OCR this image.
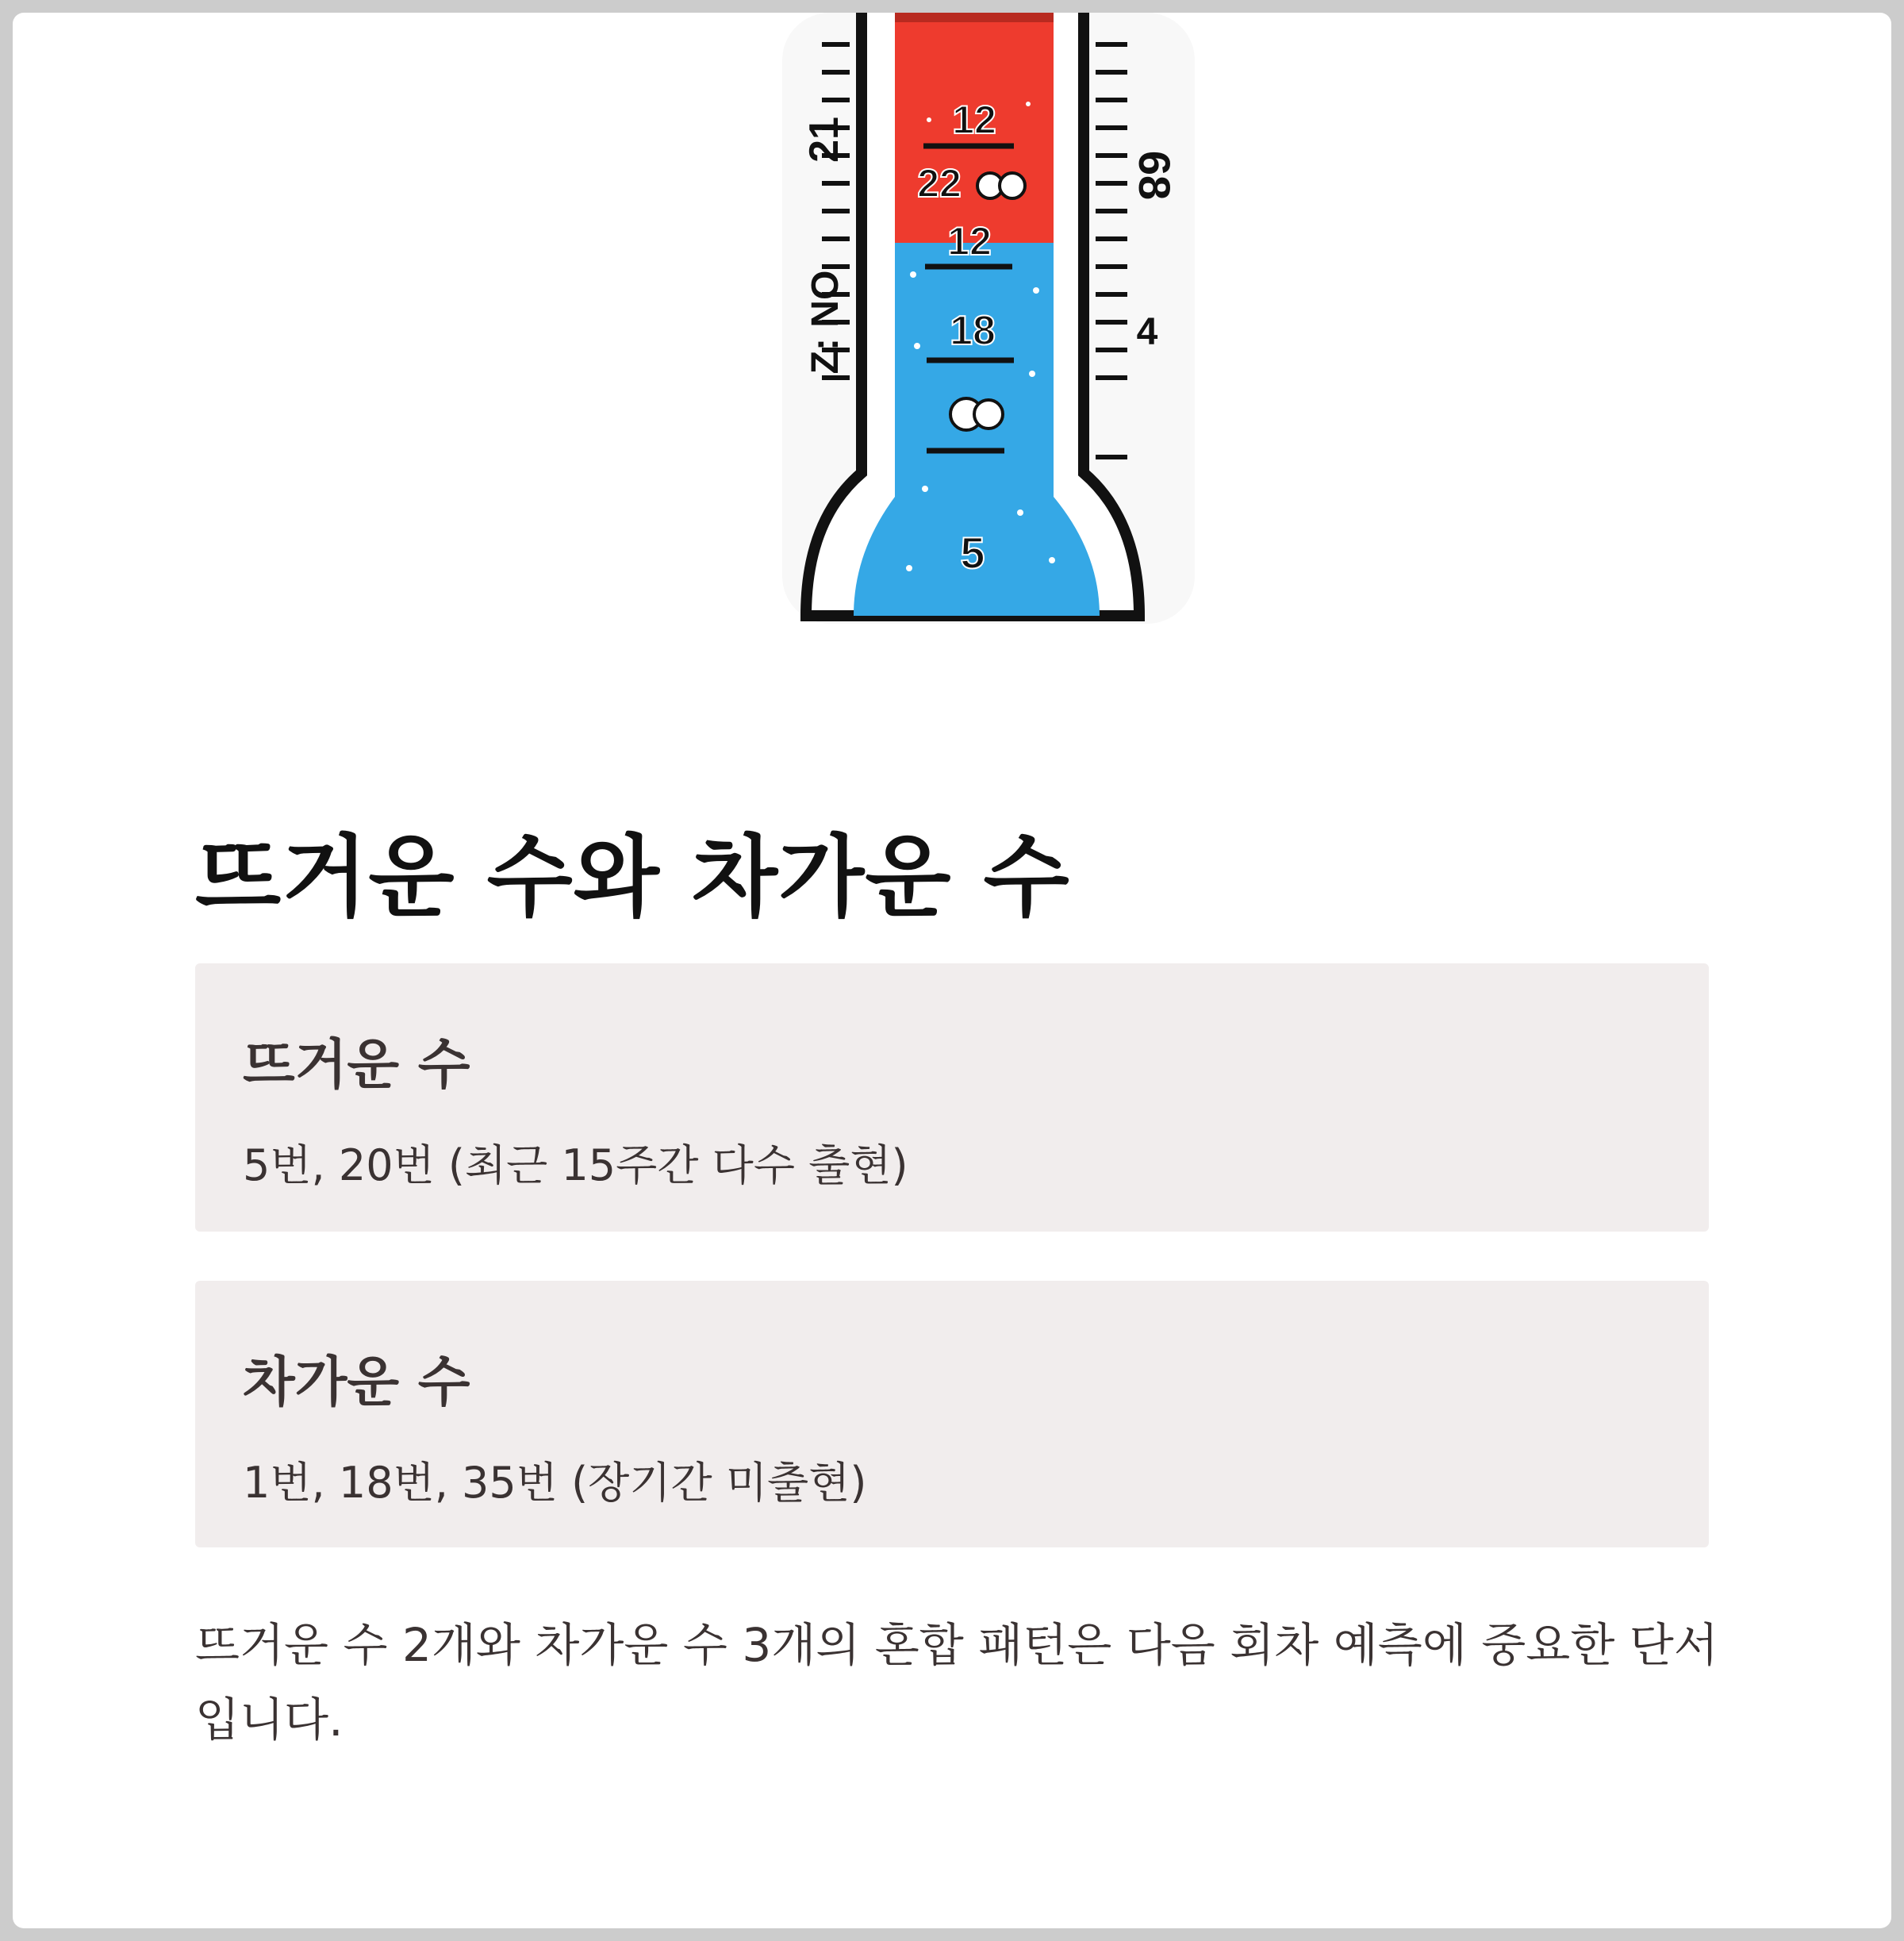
21
Z: NO
68
4
12
22
12
18
5
뜨거운 수와 차가운 수
뜨거운 수

5번, 20번 (최근 15주간 다수 출현)

차가운 수

1번, 18번, 35번 (장기간 미출현)

뜨거운 수 2개와 차가운 수 3개의 혼합 패턴은 다음 회차 예측에 중요한 단서입니다.
